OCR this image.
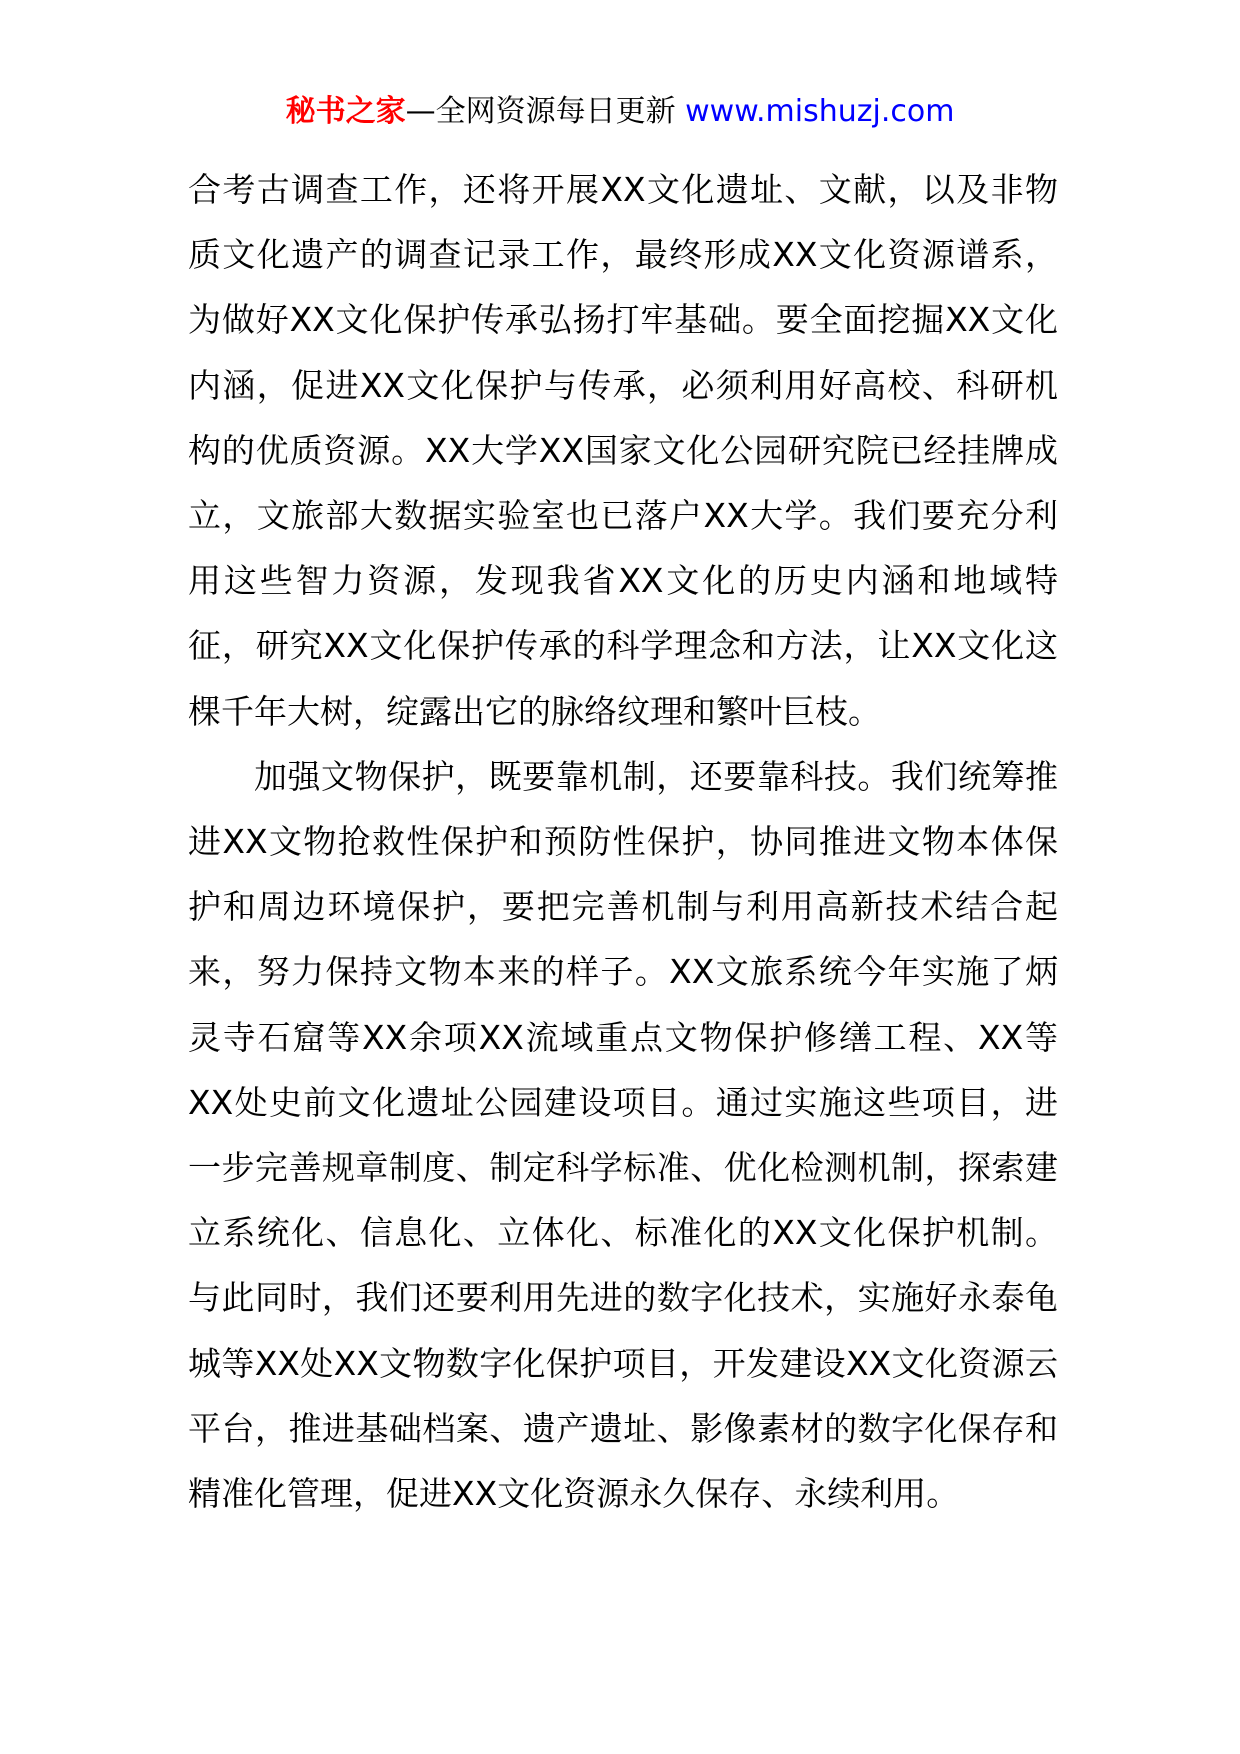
秘书之家—全网资源每日更新 www.mishuzj.com

合考古调查工作，还将开展XX文化遗址、文献，以及非物质文化遗产的调查记录工作，最终形成XX文化资源谱系，为做好XX文化保护传承弘扬打牢基础。要全面挖掘XX文化内涵，促进XX文化保护与传承，必须利用好高校、科研机构的优质资源。XX大学XX国家文化公园研究院已经挂牌成立，文旅部大数据实验室也已落户XX大学。我们要充分利用这些智力资源，发现我省XX文化的历史内涵和地域特征，研究XX文化保护传承的科学理念和方法，让XX文化这棵千年大树，绽露出它的脉络纹理和繁叶巨枝。

加强文物保护，既要靠机制，还要靠科技。我们统筹推进XX文物抢救性保护和预防性保护，协同推进文物本体保护和周边环境保护，要把完善机制与利用高新技术结合起来，努力保持文物本来的样子。XX文旅系统今年实施了炳灵寺石窟等XX余项XX流域重点文物保护修缮工程、XX等XX处史前文化遗址公园建设项目。通过实施这些项目，进一步完善规章制度、制定科学标准、优化检测机制，探索建立系统化、信息化、立体化、标准化的XX文化保护机制。与此同时，我们还要利用先进的数字化技术，实施好永泰龟城等XX处XX文物数字化保护项目，开发建设XX文化资源云平台，推进基础档案、遗产遗址、影像素材的数字化保存和精准化管理，促进XX文化资源永久保存、永续利用。
